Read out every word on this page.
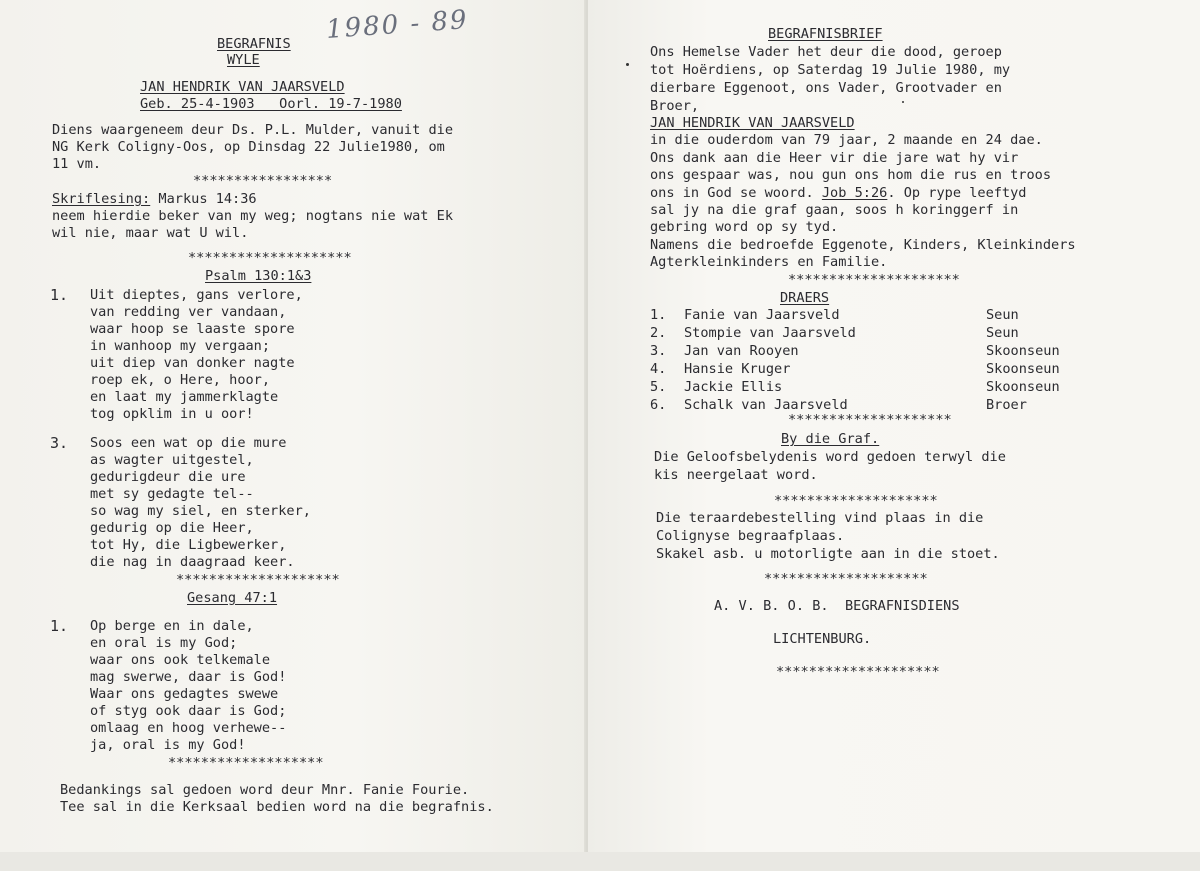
1980 - 89
BEGRAFNIS
WYLE
JAN HENDRIK VAN JAARSVELD
Geb. 25-4-1903   Oorl. 19-7-1980
Diens waargeneem deur Ds. P.L. Mulder, vanuit die
NG Kerk Coligny-Oos, op Dinsdag 22 Julie1980, om
11 vm.
*****************
Skriflesing: Markus 14:36
neem hierdie beker van my weg; nogtans nie wat Ek
wil nie, maar wat U wil.
********************
Psalm 130:1&3
1. Uit dieptes, gans verlore,
van redding ver vandaan,
waar hoop se laaste spore
in wanhoop my vergaan;
uit diep van donker nagte
roep ek, o Here, hoor,
en laat my jammerklagte
tog opklim in u oor!
3. Soos een wat op die mure
as wagter uitgestel,
gedurigdeur die ure
met sy gedagte tel--
so wag my siel, en sterker,
gedurig op die Heer,
tot Hy, die Ligbewerker,
die nag in daagraad keer.
********************
Gesang 47:1
1. Op berge en in dale,
en oral is my God;
waar ons ook telkemale
mag swerwe, daar is God!
Waar ons gedagtes swewe
of styg ook daar is God;
omlaag en hoog verhewe--
ja, oral is my God!
*******************
Bedankings sal gedoen word deur Mnr. Fanie Fourie.
Tee sal in die Kerksaal bedien word na die begrafnis.
BEGRAFNISBRIEF
Ons Hemelse Vader het deur die dood, geroep
tot Hoërdiens, op Saterdag 19 Julie 1980, my
dierbare Eggenoot, ons Vader, Grootvader en
Broer,
JAN HENDRIK VAN JAARSVELD
in die ouderdom van 79 jaar, 2 maande en 24 dae.
Ons dank aan die Heer vir die jare wat hy vir
ons gespaar was, nou gun ons hom die rus en troos
ons in God se woord. Job 5:26. Op rype leeftyd
sal jy na die graf gaan, soos h koringgerf in
gebring word op sy tyd.
Namens die bedroefde Eggenote, Kinders, Kleinkinders
Agterkleinkinders en Familie.
*********************
DRAERS
1. Fanie van Jaarsveld	Seun
2. Stompie van Jaarsveld	Seun
3. Jan van Rooyen	Skoonseun
4. Hansie Kruger	Skoonseun
5. Jackie Ellis	Skoonseun
6. Schalk van Jaarsveld	Broer
********************
By die Graf.
Die Geloofsbelydenis word gedoen terwyl die
kis neergelaat word.
********************
Die teraardebestelling vind plaas in die
Colignyse begraafplaas.
Skakel asb. u motorligte aan in die stoet.
********************
A. V. B. O. B.  BEGRAFNISDIENS
LICHTENBURG.
********************
